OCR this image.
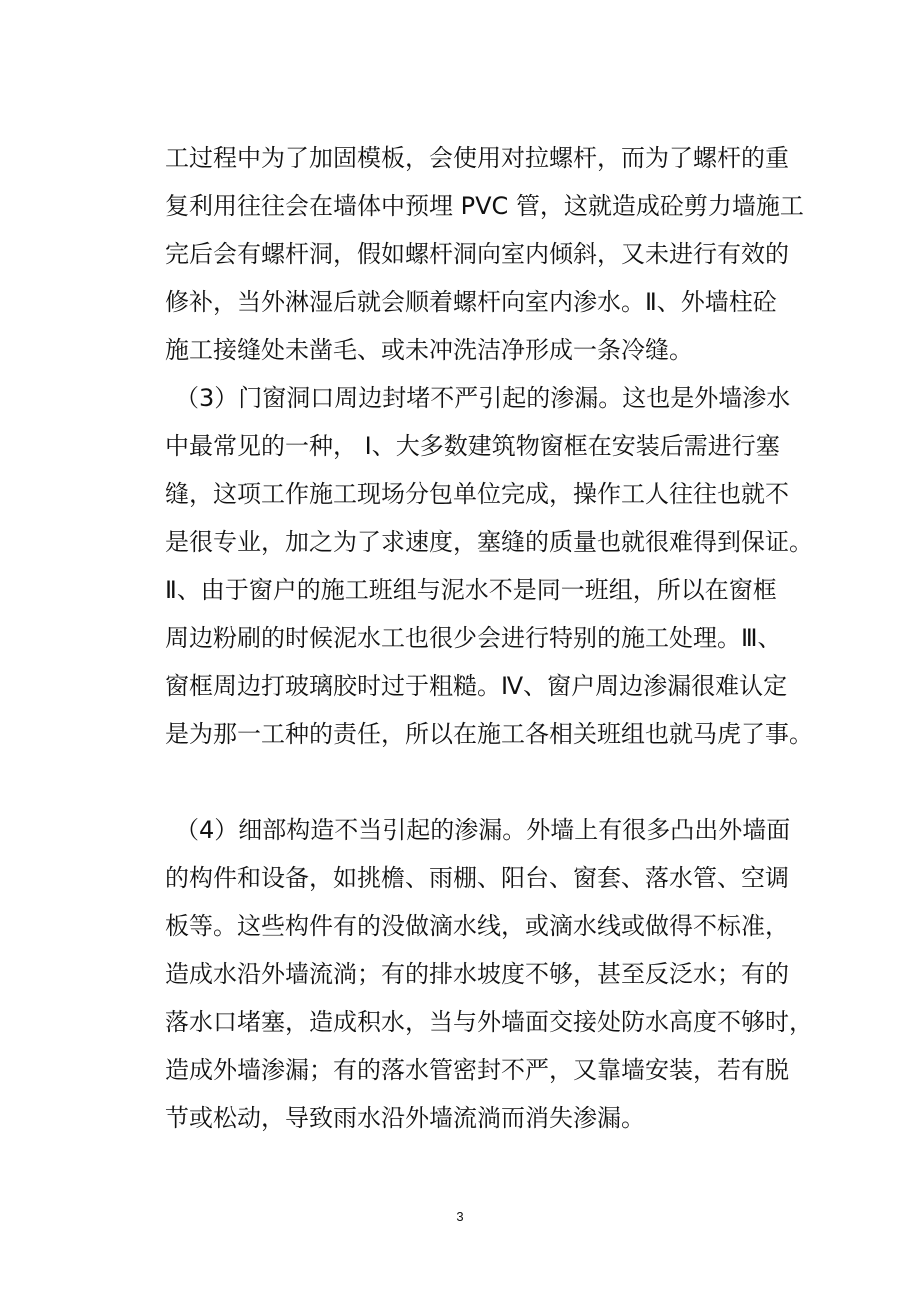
工过程中为了加固模板，会使用对拉螺杆，而为了螺杆的重
复利用往往会在墙体中预埋 PVC 管，这就造成砼剪力墙施工
完后会有螺杆洞，假如螺杆洞向室内倾斜，又未进行有效的
修补，当外淋湿后就会顺着螺杆向室内渗水。Ⅱ、外墙柱砼
施工接缝处未凿毛、或未冲洗洁净形成一条冷缝。
（3）门窗洞口周边封堵不严引起的渗漏。这也是外墙渗水
中最常见的一种， Ⅰ、大多数建筑物窗框在安装后需进行塞
缝，这项工作施工现场分包单位完成，操作工人往往也就不
是很专业，加之为了求速度，塞缝的质量也就很难得到保证。
Ⅱ、由于窗户的施工班组与泥水不是同一班组，所以在窗框
周边粉刷的时候泥水工也很少会进行特别的施工处理。Ⅲ、
窗框周边打玻璃胶时过于粗糙。Ⅳ、窗户周边渗漏很难认定
是为那一工种的责任，所以在施工各相关班组也就马虎了事。
（4）细部构造不当引起的渗漏。外墙上有很多凸出外墙面
的构件和设备，如挑檐、雨棚、阳台、窗套、落水管、空调
板等。这些构件有的没做滴水线，或滴水线或做得不标准，
造成水沿外墙流淌；有的排水坡度不够，甚至反泛水；有的
落水口堵塞，造成积水，当与外墙面交接处防水高度不够时，
造成外墙渗漏；有的落水管密封不严，又靠墙安装，若有脱
节或松动，导致雨水沿外墙流淌而消失渗漏。
3
